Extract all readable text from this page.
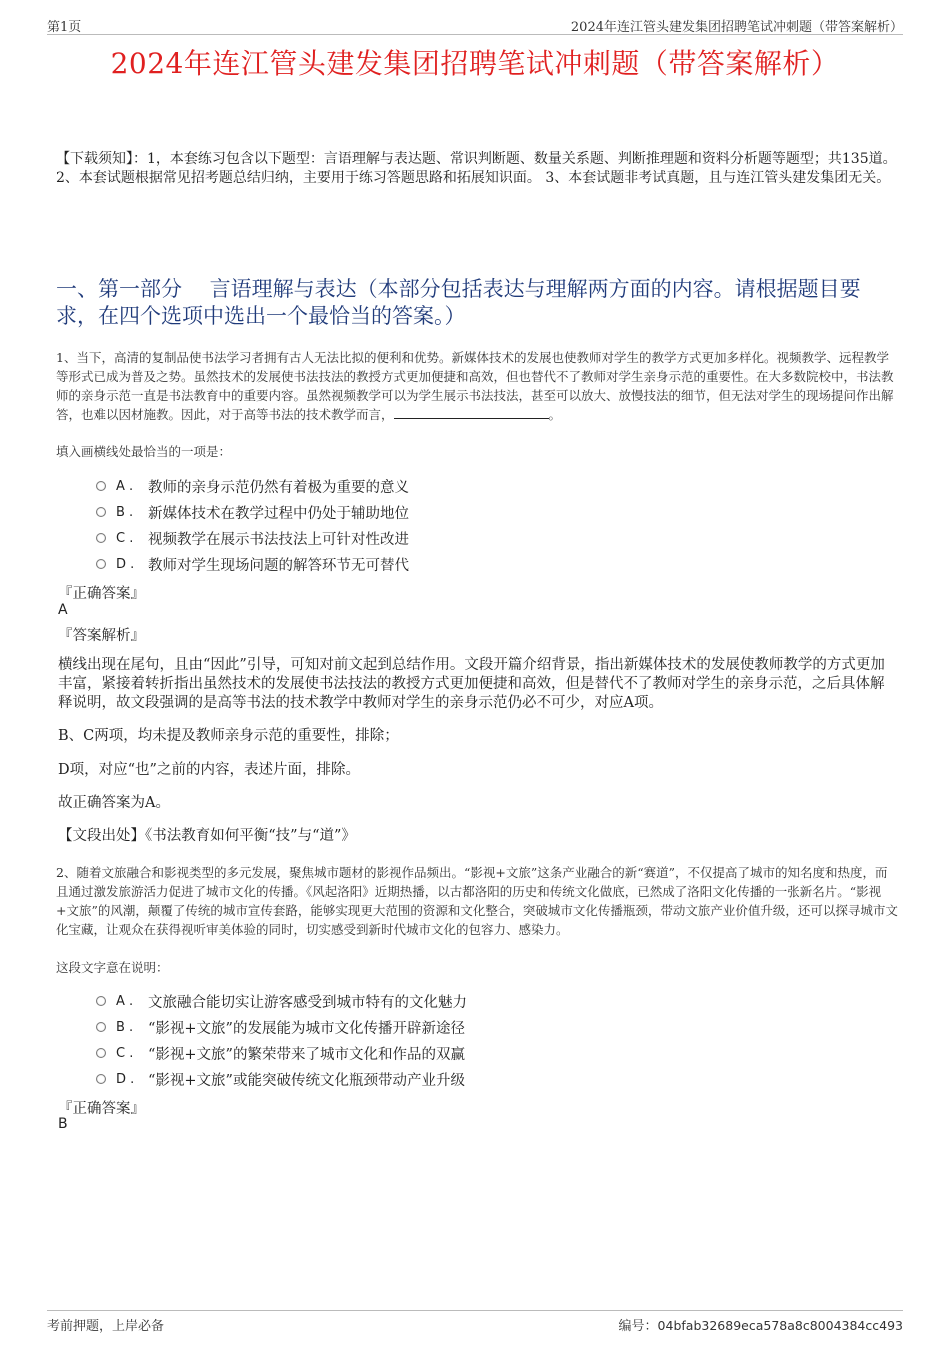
第1页	2024年连江管头建发集团招聘笔试冲刺题（带答案解析）
2024年连江管头建发集团招聘笔试冲刺题（带答案解析）
【下载须知】：1，本套练习包含以下题型：言语理解与表达题、常识判断题、数量关系题、判断推理题和资料分析题等题型；共135道。 2、本套试题根据常见招考题总结归纳，主要用于练习答题思路和拓展知识面。 3、本套试题非考试真题，且与连江管头建发集团无关。
一、第一部分　 言语理解与表达（本部分包括表达与理解两方面的内容。请根据题目要求，在四个选项中选出一个最恰当的答案。）
1、当下，高清的复制品使书法学习者拥有古人无法比拟的便利和优势。新媒体技术的发展也使教师对学生的教学方式更加多样化。视频教学、远程教学等形式已成为普及之势。虽然技术的发展使书法技法的教授方式更加便捷和高效，但也替代不了教师对学生亲身示范的重要性。在大多数院校中，书法教师的亲身示范一直是书法教育中的重要内容。虽然视频教学可以为学生展示书法技法，甚至可以放大、放慢技法的细节，但无法对学生的现场提问作出解答，也难以因材施教。因此，对于高等书法的技术教学而言，	。
填入画横线处最恰当的一项是：
A .	教师的亲身示范仍然有着极为重要的意义
B .	新媒体技术在教学过程中仍处于辅助地位
C .	视频教学在展示书法技法上可针对性改进
D . 教师对学生现场问题的解答环节无可替代
『正确答案』
A
『答案解析』
横线出现在尾句，且由“因此”引导，可知对前文起到总结作用。文段开篇介绍背景，指出新媒体技术的发展使教师教学的方式更加丰富，紧接着转折指出虽然技术的发展使书法技法的教授方式更加便捷和高效，但是替代不了教师对学生的亲身示范，之后具体解释说明，故文段强调的是高等书法的技术教学中教师对学生的亲身示范仍必不可少，对应A项。
B、C两项，均未提及教师亲身示范的重要性，排除；
D项，对应“也”之前的内容，表述片面，排除。
故正确答案为A。
【文段出处】《书法教育如何平衡“技”与“道”》
2、随着文旅融合和影视类型的多元发展，聚焦城市题材的影视作品频出。“影视+文旅”这条产业融合的新“赛道”，不仅提高了城市的知名度和热度，而且通过激发旅游活力促进了城市文化的传播。《风起洛阳》近期热播，以古都洛阳的历史和传统文化做底，已然成了洛阳文化传播的一张新名片。“影视+文旅”的风潮，颠覆了传统的城市宣传套路，能够实现更大范围的资源和文化整合，突破城市文化传播瓶颈，带动文旅产业价值升级，还可以探寻城市文化宝藏，让观众在获得视听审美体验的同时，切实感受到新时代城市文化的包容力、感染力。
这段文字意在说明：
A .	文旅融合能切实让游客感受到城市特有的文化魅力
B .	“影视+文旅”的发展能为城市文化传播开辟新途径
C .	“影视+文旅”的繁荣带来了城市文化和作品的双赢
D . “影视+文旅”或能突破传统文化瓶颈带动产业升级
『正确答案』
B
考前押题，上岸必备	编号：04bfab32689eca578a8c8004384cc493
